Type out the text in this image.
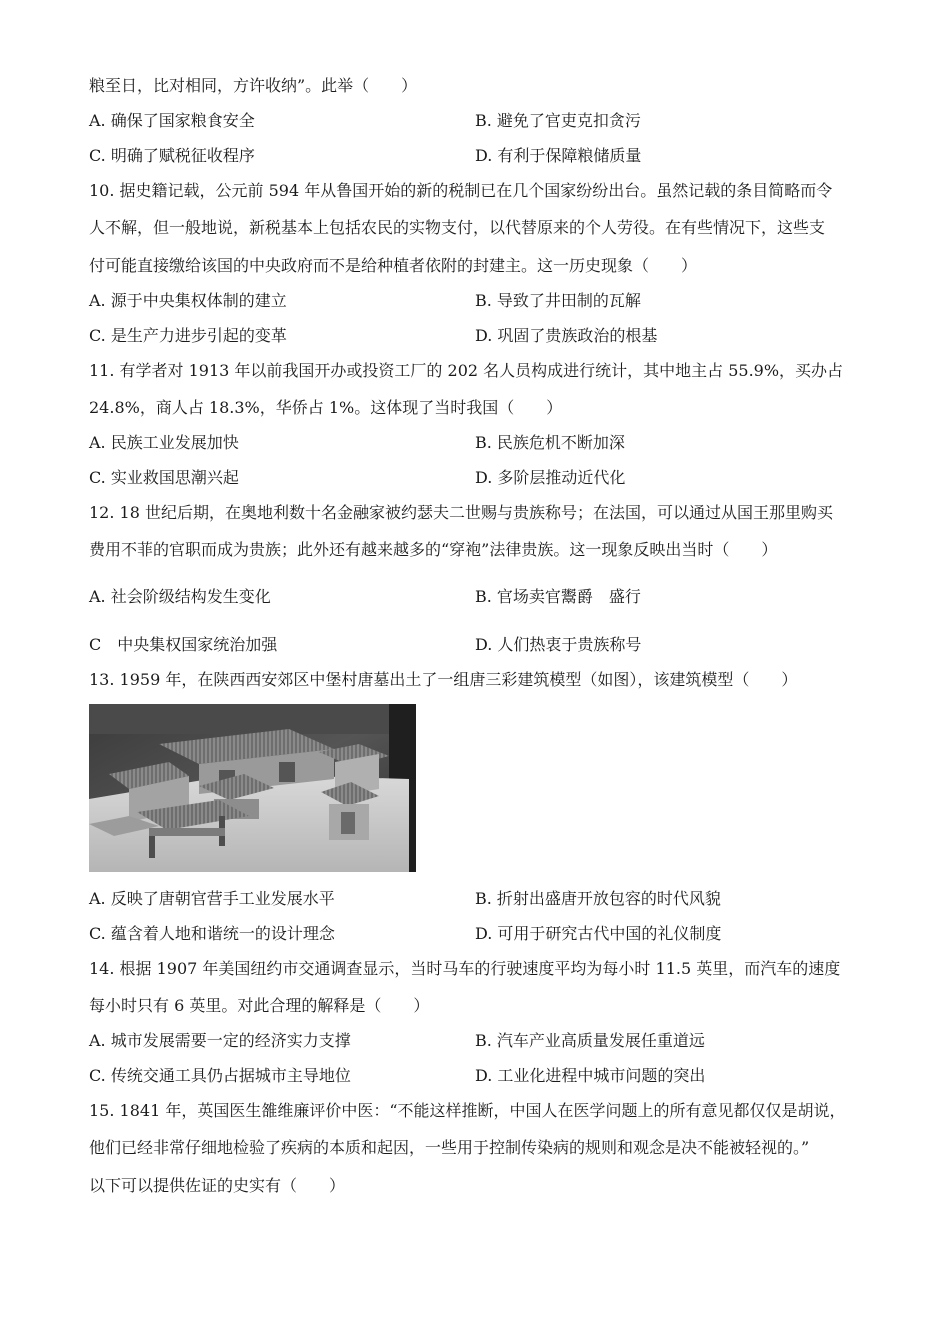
粮至日，比对相同，方许收纳”。此举（　　）
A. 确保了国家粮食安全	B. 避免了官吏克扣贪污
C. 明确了赋税征收程序	D. 有利于保障粮储质量
10. 据史籍记载，公元前 594 年从鲁国开始的新的税制已在几个国家纷纷出台。虽然记载的条目简略而令
人不解，但一般地说，新税基本上包括农民的实物支付，以代替原来的个人劳役。在有些情况下，这些支
付可能直接缴给该国的中央政府而不是给种植者依附的封建主。这一历史现象（　　）
A. 源于中央集权体制的建立	B. 导致了井田制的瓦解
C. 是生产力进步引起的变革	D. 巩固了贵族政治的根基
11. 有学者对 1913 年以前我国开办或投资工厂的 202 名人员构成进行统计，其中地主占 55.9%，买办占
24.8%，商人占 18.3%，华侨占 1%。这体现了当时我国（　　）
A. 民族工业发展加快	B. 民族危机不断加深
C. 实业救国思潮兴起	D. 多阶层推动近代化
12. 18 世纪后期，在奥地利数十名金融家被约瑟夫二世赐与贵族称号；在法国，可以通过从国王那里购买
费用不菲的官职而成为贵族；此外还有越来越多的“穿袍”法律贵族。这一现象反映出当时（　　）
A. 社会阶级结构发生变化	B. 官场卖官鬻爵　盛行
C　中央集权国家统治加强	D. 人们热衷于贵族称号
13. 1959 年，在陕西西安郊区中堡村唐墓出土了一组唐三彩建筑模型（如图），该建筑模型（　　）
A. 反映了唐朝官营手工业发展水平	B. 折射出盛唐开放包容的时代风貌
C. 蕴含着人地和谐统一的设计理念	D. 可用于研究古代中国的礼仪制度
14. 根据 1907 年美国纽约市交通调查显示，当时马车的行驶速度平均为每小时 11.5 英里，而汽车的速度
每小时只有 6 英里。对此合理的解释是（　　）
A. 城市发展需要一定的经济实力支撑	B. 汽车产业高质量发展任重道远
C. 传统交通工具仍占据城市主导地位	D. 工业化进程中城市问题的突出
15. 1841 年，英国医生雒维廉评价中医：“不能这样推断，中国人在医学问题上的所有意见都仅仅是胡说，
他们已经非常仔细地检验了疾病的本质和起因，一些用于控制传染病的规则和观念是决不能被轻视的。”
以下可以提供佐证的史实有（　　）
